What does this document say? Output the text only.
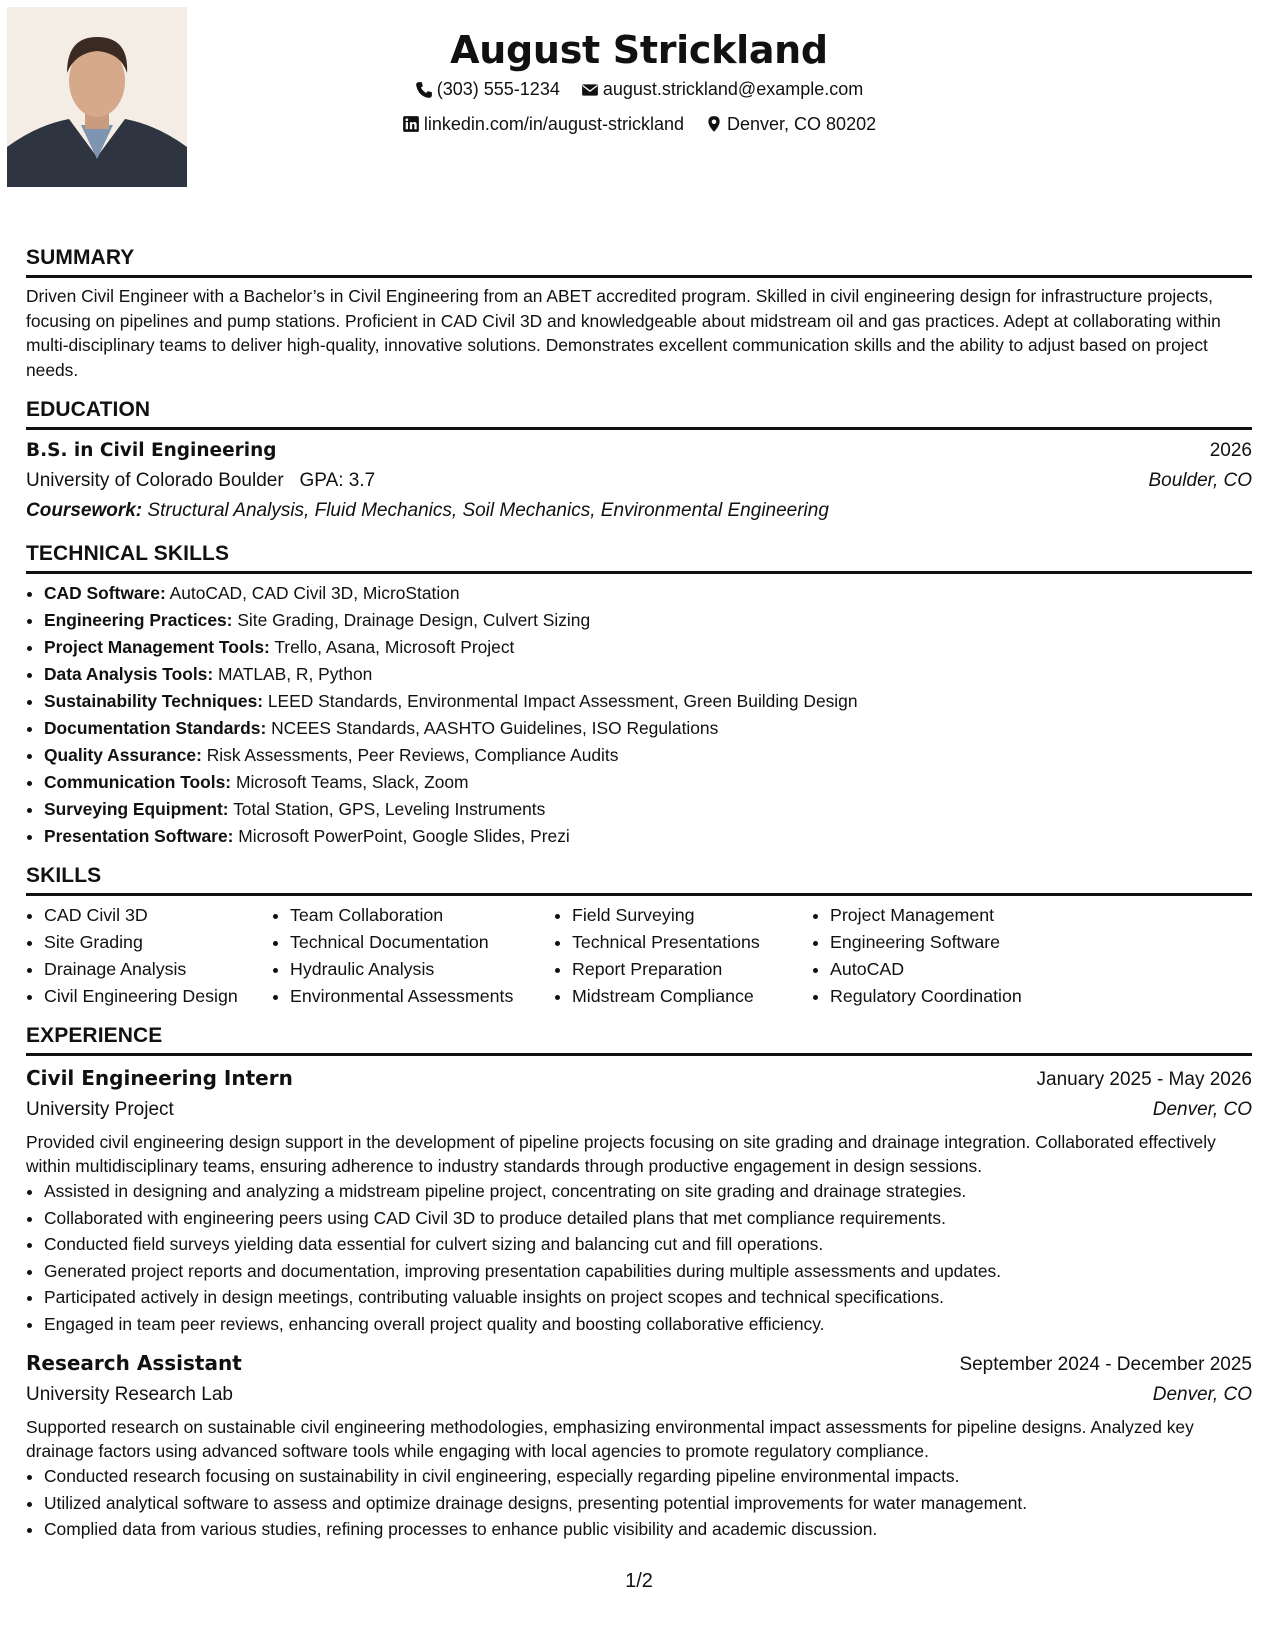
August Strickland
(303) 555-1234
august.strickland@example.com
linkedin.com/in/august-strickland
Denver, CO 80202
SUMMARY
Driven Civil Engineer with a Bachelor’s in Civil Engineering from an ABET accredited program. Skilled in civil engineering design for infrastructure projects, focusing on pipelines and pump stations. Proficient in CAD Civil 3D and knowledgeable about midstream oil and gas practices. Adept at collaborating within multi-disciplinary teams to deliver high-quality, innovative solutions. Demonstrates excellent communication skills and the ability to adjust based on project needs.
EDUCATION
B.S. in Civil Engineering	2026
University of Colorado Boulder GPA: 3.7	Boulder, CO
Coursework: Structural Analysis, Fluid Mechanics, Soil Mechanics, Environmental Engineering
TECHNICAL SKILLS
• CAD Software: AutoCAD, CAD Civil 3D, MicroStation
• Engineering Practices: Site Grading, Drainage Design, Culvert Sizing
• Project Management Tools: Trello, Asana, Microsoft Project
• Data Analysis Tools: MATLAB, R, Python
• Sustainability Techniques: LEED Standards, Environmental Impact Assessment, Green Building Design
• Documentation Standards: NCEES Standards, AASHTO Guidelines, ISO Regulations
• Quality Assurance: Risk Assessments, Peer Reviews, Compliance Audits
• Communication Tools: Microsoft Teams, Slack, Zoom
• Surveying Equipment: Total Station, GPS, Leveling Instruments
• Presentation Software: Microsoft PowerPoint, Google Slides, Prezi
SKILLS
• CAD Civil 3D
• Site Grading
• Drainage Analysis
• Civil Engineering Design
• Team Collaboration
• Technical Documentation
• Hydraulic Analysis
• Environmental Assessments
• Field Surveying
• Technical Presentations
• Report Preparation
• Midstream Compliance
• Project Management
• Engineering Software
• AutoCAD
• Regulatory Coordination
EXPERIENCE
Civil Engineering Intern	January 2025 - May 2026
University Project	Denver, CO
Provided civil engineering design support in the development of pipeline projects focusing on site grading and drainage integration. Collaborated effectively within multidisciplinary teams, ensuring adherence to industry standards through productive engagement in design sessions.
• Assisted in designing and analyzing a midstream pipeline project, concentrating on site grading and drainage strategies.
• Collaborated with engineering peers using CAD Civil 3D to produce detailed plans that met compliance requirements.
• Conducted field surveys yielding data essential for culvert sizing and balancing cut and fill operations.
• Generated project reports and documentation, improving presentation capabilities during multiple assessments and updates.
• Participated actively in design meetings, contributing valuable insights on project scopes and technical specifications.
• Engaged in team peer reviews, enhancing overall project quality and boosting collaborative efficiency.
Research Assistant	September 2024 - December 2025
University Research Lab	Denver, CO
Supported research on sustainable civil engineering methodologies, emphasizing environmental impact assessments for pipeline designs. Analyzed key drainage factors using advanced software tools while engaging with local agencies to promote regulatory compliance.
• Conducted research focusing on sustainability in civil engineering, especially regarding pipeline environmental impacts.
• Utilized analytical software to assess and optimize drainage designs, presenting potential improvements for water management.
• Complied data from various studies, refining processes to enhance public visibility and academic discussion.
1/2
